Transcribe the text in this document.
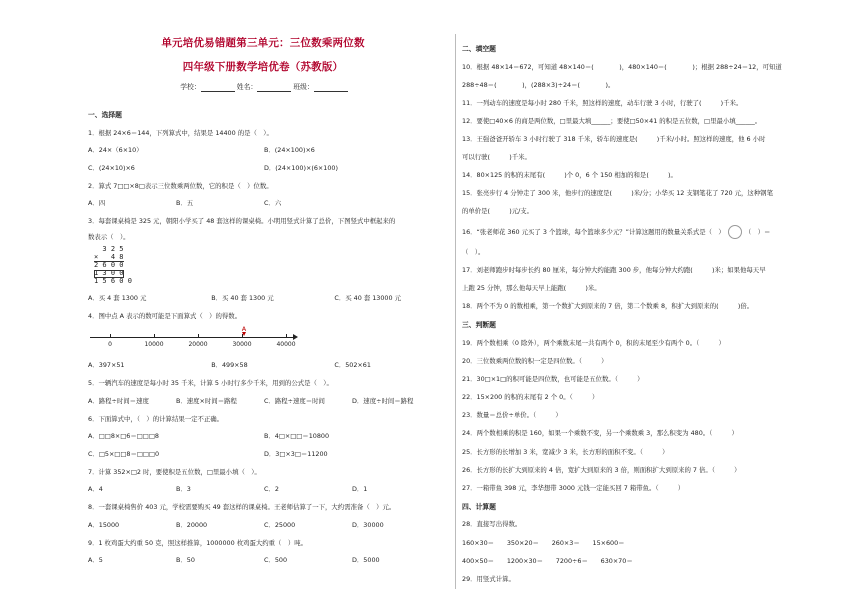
单元培优易错题第三单元：三位数乘两位数
四年级下册数学培优卷（苏教版）
学校：	姓名：	班级：
一、选择题
1．根据 24×6＝144，下列算式中，结果是 14400 的是（　）。
A．24×（6×10）	B．(24×100)×6
C．(24×10)×6	D．(24×100)×(6×100)
2．算式 7□□×8□表示三位数乘两位数，它的积是（　）位数。
A．四	B．五	C．六
3．每套课桌椅是 325 元，朝阳小学买了 48 套这样的课桌椅。小明用竖式计算了总价，下图竖式中框起来的
数表示（　）。
3 2 5
×   4 8
2 6 0 0
1 3 0 0
1 5 6 0 0
A．买 4 套 1300 元	B．买 40 套 1300 元	C．买 40 套 13000 元
4．图中点 A 表示的数可能是下面算式（　）的得数。
0	10000	20000	30000	40000
A
A．397×51	B．499×58	C．502×61
5．一辆汽车的速度是每小时 35 千米，计算 5 小时行多少千米，用到的公式是（　）。
A．路程÷时间＝速度	B．速度×时间＝路程	C．路程÷速度＝时间	D．速度÷时间＝路程
6．下面算式中，（　）的计算结果一定不正确。
A．□□8×□6＝□□□8	B．4□×□□＝10800
C．□5×□□8＝□□□0	D．3□×3□＝11200
7．计算 352×□2 时，要使积是五位数，□里最小填（　）。
A．4	B．3	C．2	D．1
8．一套课桌椅售价 403 元，学校需要购买 49 套这样的课桌椅。王老师估算了一下，大约需准备（　）元。
A．15000	B．20000	C．25000	D．30000
9．1 枚鸡蛋大约重 50 克，照这样推算，1000000 枚鸡蛋大约重（　）吨。
A．5	B．50	C．500	D．5000
二、填空题
10．根据 48×14＝672，可知道 48×140＝(　　　　)，480×140＝(　　　　)；根据 288÷24＝12，可知道
288÷48＝(　　　　)，(288×3)÷24＝(　　　　)。
11．一列动车的速度是每小时 280 千米，照这样的速度，动车行驶 3 小时，行驶了(　　　)千米。
12．要使□40×6 的商是两位数，□里最大填______；要使□50×41 的积是五位数，□里最小填______。
13．王强爸爸开轿车 3 小时行驶了 318 千米，轿车的速度是(　　　)千米/小时。照这样的速度，他 6 小时
可以行驶(　　　)千米。
14．80×125 的积的末尾有(　　　)个 0，6 个 150 相加的和是(　　　)。
15．张亮步行 4 分钟走了 300 米，他步行的速度是(　　　)米/分；小华买 12 支钢笔花了 720 元，这种钢笔
的单价是(　　　)元/支。
16．“张老师花 360 元买了 3 个篮球，每个篮球多少元？”计算这题用的数量关系式是（　）	（　）＝
（　）。
17．刘老师跑步时每步长约 80 厘米，每分钟大约能跑 300 步，他每分钟大约跑(　　　)米；如果他每天早
上跑 25 分钟，那么他每天早上能跑(　　　)米。
18．两个不为 0 的数相乘，第一个数扩大到原来的 7 倍，第二个数乘 8，积扩大到原来的(　　　)倍。
三、判断题
19．两个数相乘（0 除外），两个乘数末尾一共有两个 0，积的末尾至少有两个 0。（　　　）
20．三位数乘两位数的积一定是四位数。（　　　）
21．30□×1□的积可能是四位数，也可能是五位数。（　　　）
22．15×200 的积的末尾有 2 个 0。（　　　）
23．数量＝总价÷单价。（　　　）
24．两个数相乘的积是 160，如果一个乘数不变，另一个乘数乘 3，那么积变为 480。（　　　）
25．长方形的长增加 3 米，宽减少 3 米，长方形的面积不变。（　　　）
26．长方形的长扩大到原来的 4 倍，宽扩大到原来的 3 倍，则面积扩大到原来的 7 倍。（　　　）
27．一箱带鱼 398 元，李华想带 3000 元钱一定能买回 7 箱带鱼。（　　　）
四、计算题
28．直接写出得数。
160×30＝　　350×20＝　　260×3＝　　15×600＝
400×50＝　　1200×30＝　　7200÷6＝　　630×70＝
29．用竖式计算。
